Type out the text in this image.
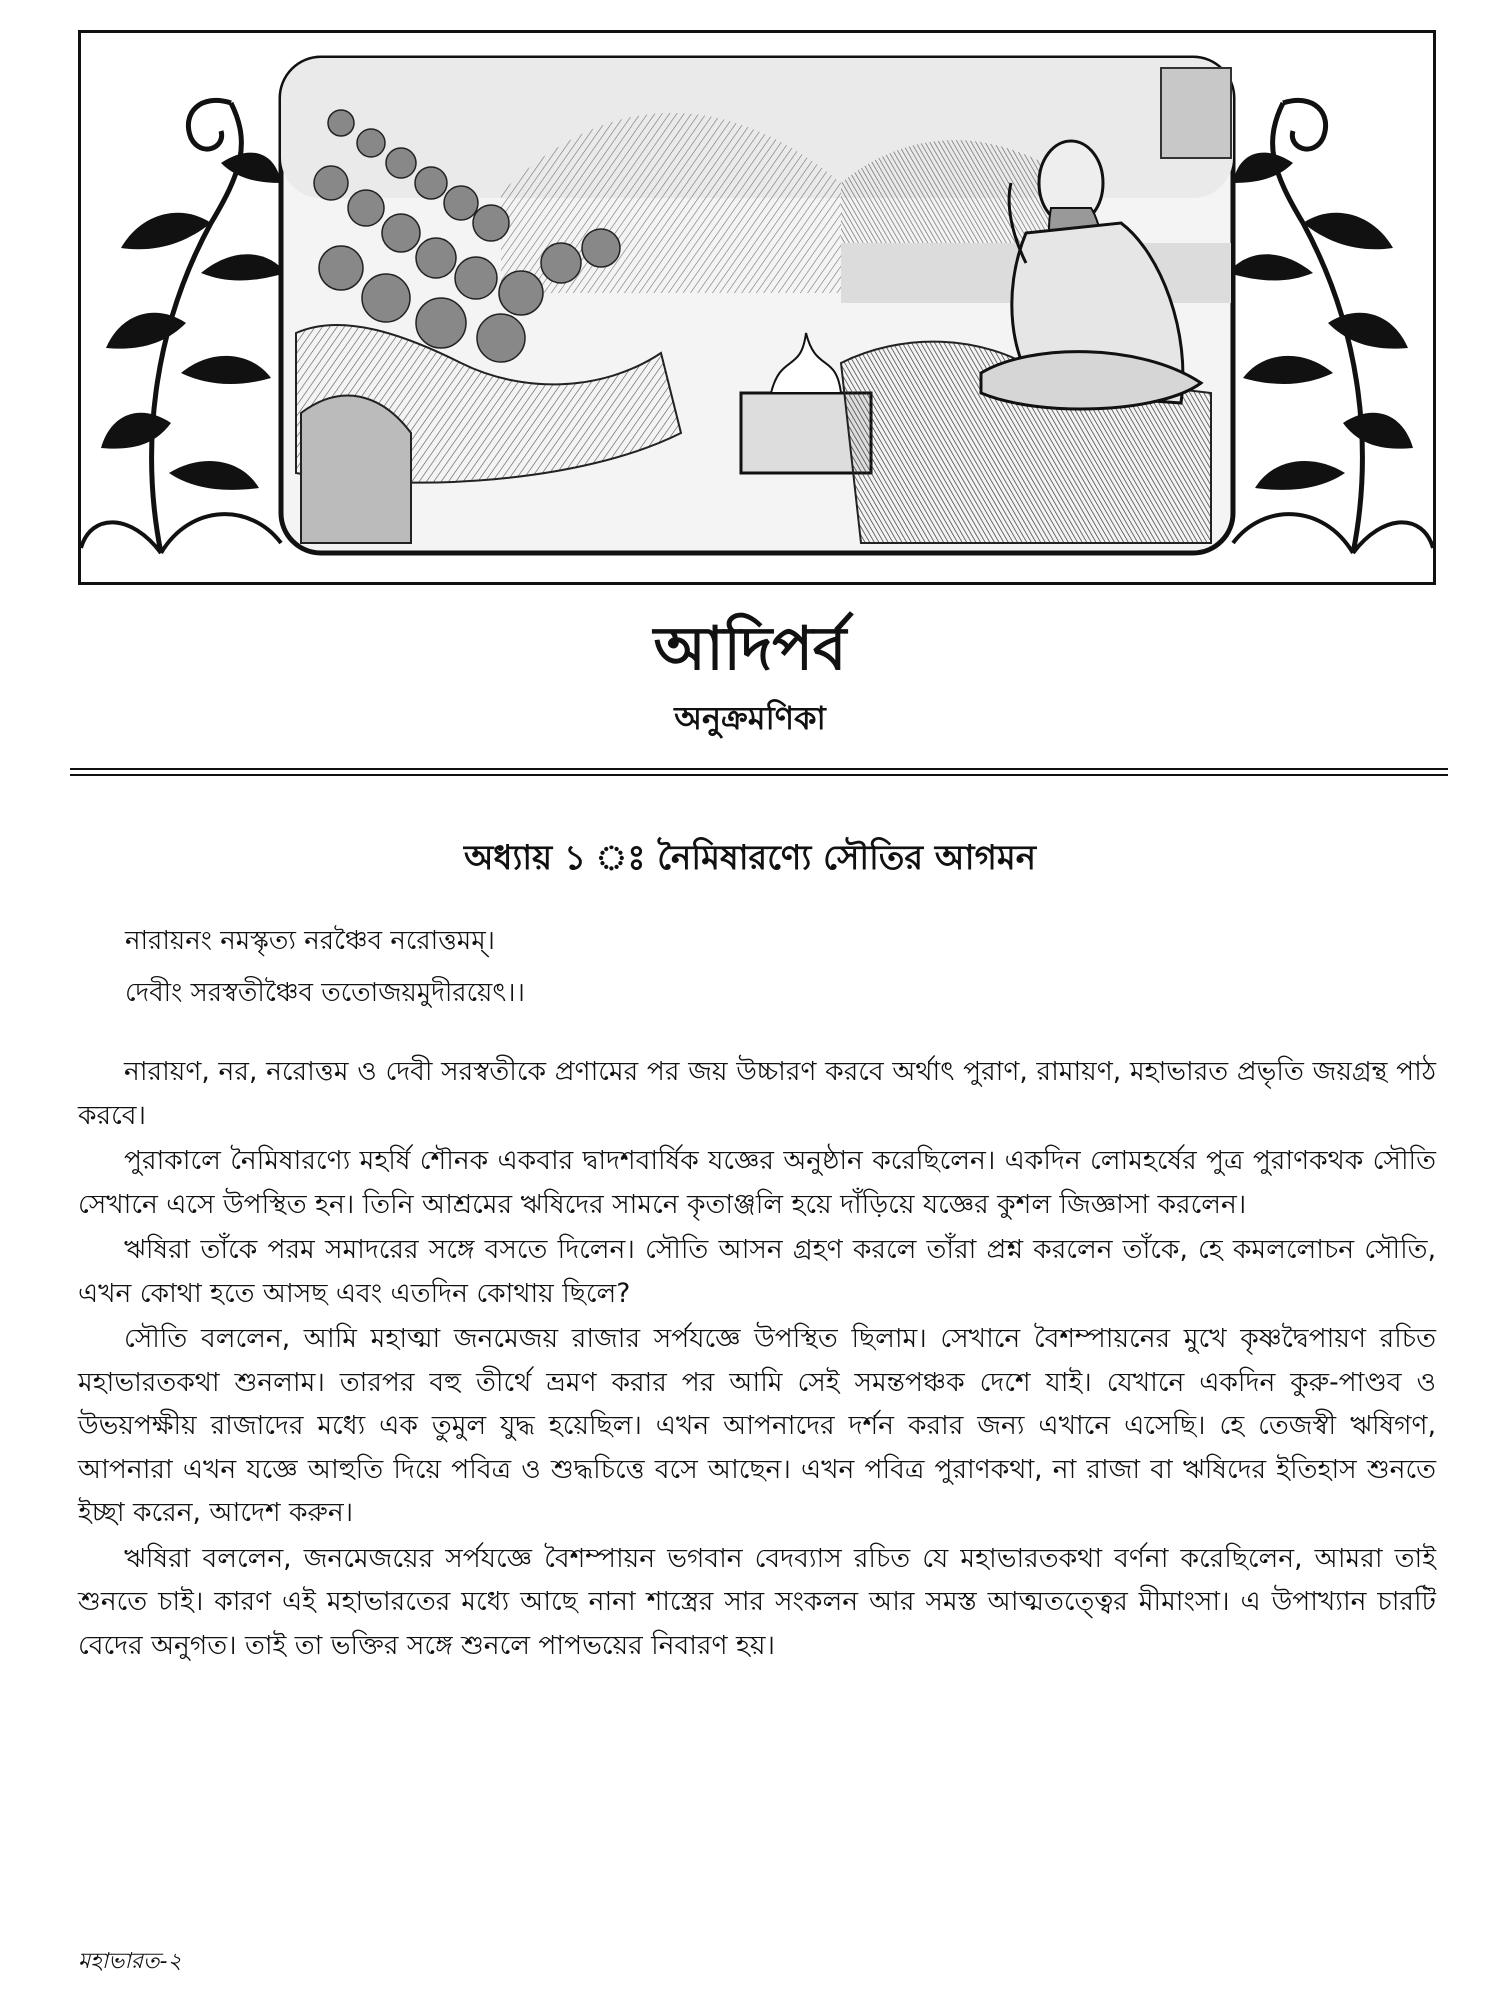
আদিপর্ব
অনুক্রমণিকা
অধ্যায় ১ ঃ নৈমিষারণ্যে সৌতির আগমন
নারায়নং নমস্কৃত্য নরঞ্চৈব নরোত্তমম্।
দেবীং সরস্বতীঞ্চৈব ততোজয়মুদীরয়েৎ।।

নারায়ণ, নর, নরোত্তম ও দেবী সরস্বতীকে প্রণামের পর জয় উচ্চারণ করবে অর্থাৎ পুরাণ, রামায়ণ, মহাভারত প্রভৃতি জয়গ্রন্থ পাঠ করবে।

পুরাকালে নৈমিষারণ্যে মহর্ষি শৌনক একবার দ্বাদশবার্ষিক যজ্ঞের অনুষ্ঠান করেছিলেন। একদিন লোমহর্ষের পুত্র পুরাণকথক সৌতি সেখানে এসে উপস্থিত হন। তিনি আশ্রমের ঋষিদের সামনে কৃতাঞ্জলি হয়ে দাঁড়িয়ে যজ্ঞের কুশল জিজ্ঞাসা করলেন।

ঋষিরা তাঁকে পরম সমাদরের সঙ্গে বসতে দিলেন। সৌতি আসন গ্রহণ করলে তাঁরা প্রশ্ন করলেন তাঁকে, হে কমললোচন সৌতি, এখন কোথা হতে আসছ এবং এতদিন কোথায় ছিলে?

সৌতি বললেন, আমি মহাত্মা জনমেজয় রাজার সর্পযজ্ঞে উপস্থিত ছিলাম। সেখানে বৈশম্পায়নের মুখে কৃষ্ণদ্বৈপায়ণ রচিত মহাভারতকথা শুনলাম। তারপর বহু তীর্থে ভ্রমণ করার পর আমি সেই সমন্তপঞ্চক দেশে যাই। যেখানে একদিন কুরু-পাণ্ডব ও উভয়পক্ষীয় রাজাদের মধ্যে এক তুমুল যুদ্ধ হয়েছিল। এখন আপনাদের দর্শন করার জন্য এখানে এসেছি। হে তেজস্বী ঋষিগণ, আপনারা এখন যজ্ঞে আহুতি দিয়ে পবিত্র ও শুদ্ধচিত্তে বসে আছেন। এখন পবিত্র পুরাণকথা, না রাজা বা ঋষিদের ইতিহাস শুনতে ইচ্ছা করেন, আদেশ করুন।

ঋষিরা বললেন, জনমেজয়ের সর্পযজ্ঞে বৈশম্পায়ন ভগবান বেদব্যাস রচিত যে মহাভারতকথা বর্ণনা করেছিলেন, আমরা তাই শুনতে চাই। কারণ এই মহাভারতের মধ্যে আছে নানা শাস্ত্রের সার সংকলন আর সমস্ত আত্মতত্ত্বের মীমাংসা। এ উপাখ্যান চারটি বেদের অনুগত। তাই তা ভক্তির সঙ্গে শুনলে পাপভয়ের নিবারণ হয়।

মহাভারত-২
